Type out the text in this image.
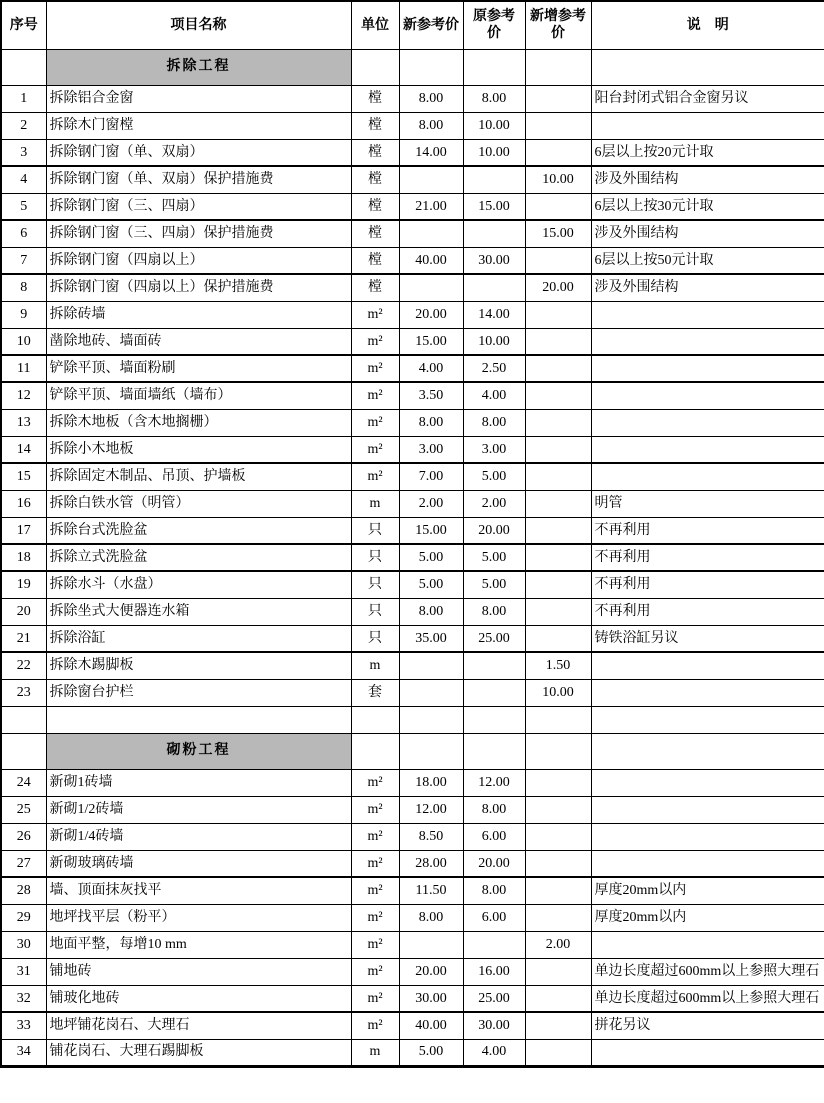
序号	项目名称	单位	新参考价	原参考价	新增参考价	说　明
	拆除工程					
1	拆除铝合金窗	樘	8.00	8.00		阳台封闭式铝合金窗另议
2	拆除木门窗樘	樘	8.00	10.00		
3	拆除钢门窗（单、双扇）	樘	14.00	10.00		6层以上按20元计取
4	拆除钢门窗（单、双扇）保护措施费	樘			10.00	涉及外围结构
5	拆除钢门窗（三、四扇）	樘	21.00	15.00		6层以上按30元计取
6	拆除钢门窗（三、四扇）保护措施费	樘			15.00	涉及外围结构
7	拆除钢门窗（四扇以上）	樘	40.00	30.00		6层以上按50元计取
8	拆除钢门窗（四扇以上）保护措施费	樘			20.00	涉及外围结构
9	拆除砖墙	m²	20.00	14.00		
10	凿除地砖、墙面砖	m²	15.00	10.00		
11	铲除平顶、墙面粉刷	m²	4.00	2.50		
12	铲除平顶、墙面墙纸（墙布）	m²	3.50	4.00		
13	拆除木地板（含木地搁栅）	m²	8.00	8.00		
14	拆除小木地板	m²	3.00	3.00		
15	拆除固定木制品、吊顶、护墙板	m²	7.00	5.00		
16	拆除白铁水管（明管）	m	2.00	2.00		明管
17	拆除台式洗脸盆	只	15.00	20.00		不再利用
18	拆除立式洗脸盆	只	5.00	5.00		不再利用
19	拆除水斗（水盘）	只	5.00	5.00		不再利用
20	拆除坐式大便器连水箱	只	8.00	8.00		不再利用
21	拆除浴缸	只	35.00	25.00		铸铁浴缸另议
22	拆除木踢脚板	m			1.50	
23	拆除窗台护栏	套			10.00	

	砌粉工程					
24	新砌1砖墙	m²	18.00	12.00		
25	新砌1/2砖墙	m²	12.00	8.00		
26	新砌1/4砖墙	m²	8.50	6.00		
27	新砌玻璃砖墙	m²	28.00	20.00		
28	墙、顶面抹灰找平	m²	11.50	8.00		厚度20mm以内
29	地坪找平层（粉平）	m²	8.00	6.00		厚度20mm以内
30	地面平整，每增10 mm	m²			2.00	
31	铺地砖	m²	20.00	16.00		单边长度超过600mm以上参照大理石
32	铺玻化地砖	m²	30.00	25.00		单边长度超过600mm以上参照大理石
33	地坪铺花岗石、大理石	m²	40.00	30.00		拼花另议
34	铺花岗石、大理石踢脚板	m	5.00	4.00		
